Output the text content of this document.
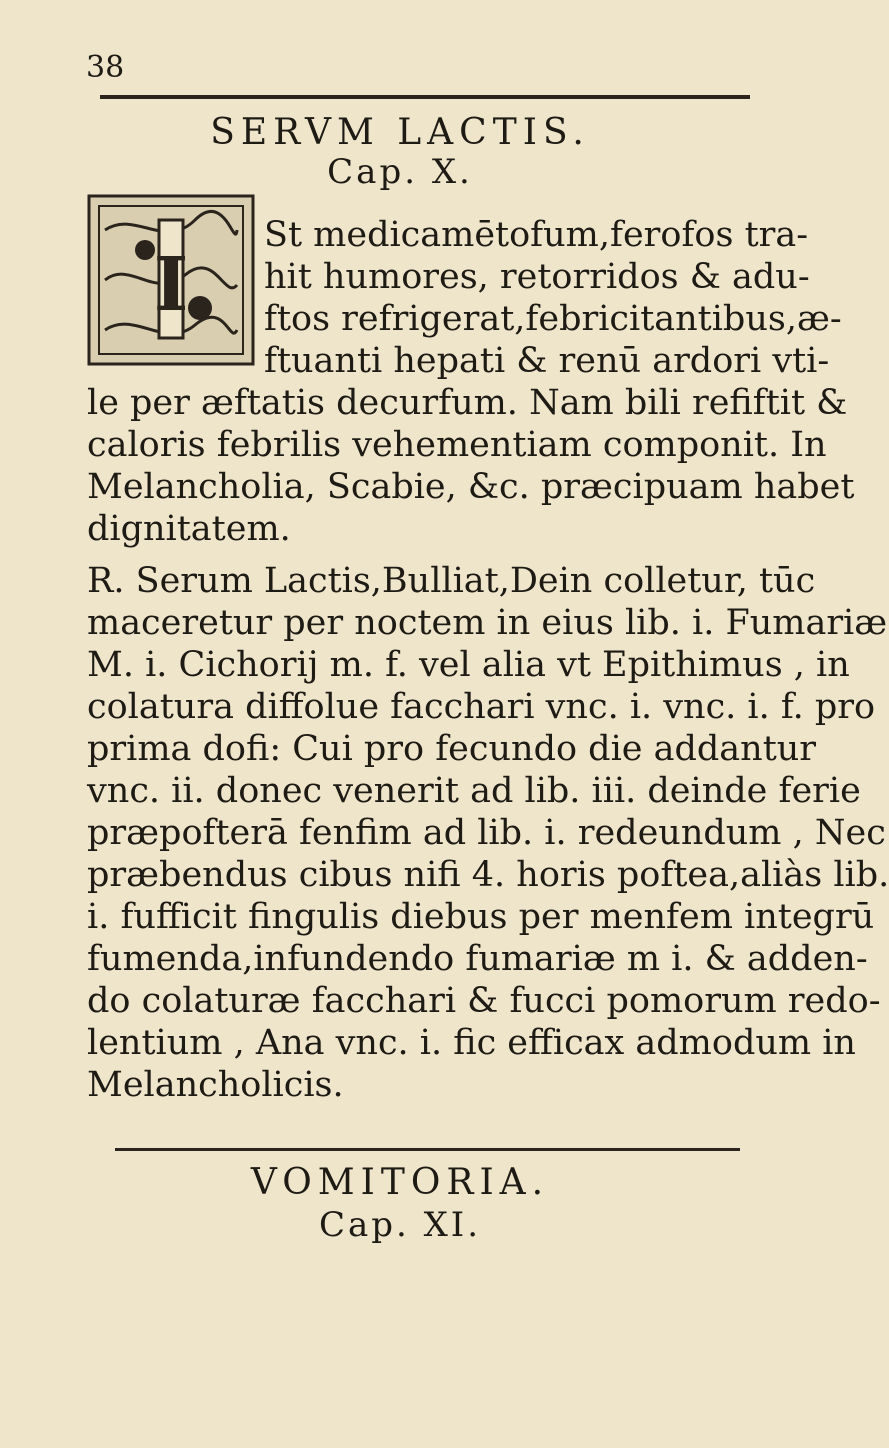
38
SERVM LACTIS.
Cap. X.
I
St medicamētofum,ferofos tra-
hit humores, retorridos & adu-
ftos refrigerat,febricitantibus,æ-
ftuanti hepati & renū ardori vti-
le per æftatis decurfum. Nam bili refiftit &
caloris febrilis vehementiam componit. In
Melancholia, Scabie, &c. præcipuam habet
dignitatem.
R. Serum Lactis,Bulliat,Dein colletur, tūc
maceretur per noctem in eius lib. i. Fumariæ
M. i. Cichorij m. f. vel alia vt Epithimus , in
colatura diffolue facchari vnc. i. vnc. i. f. pro
prima dofi: Cui pro fecundo die addantur
vnc. ii. donec venerit ad lib. iii. deinde ferie
præpofterā fenfim ad lib. i. redeundum , Nec
præbendus cibus nifi 4. horis poftea,aliàs lib.
i. fufficit fingulis diebus per menfem integrū
fumenda,infundendo fumariæ m i. & adden-
do colaturæ facchari & fucci pomorum redo-
lentium , Ana vnc. i. fic efficax admodum in
Melancholicis.
VOMITORIA.
Cap. XI.
